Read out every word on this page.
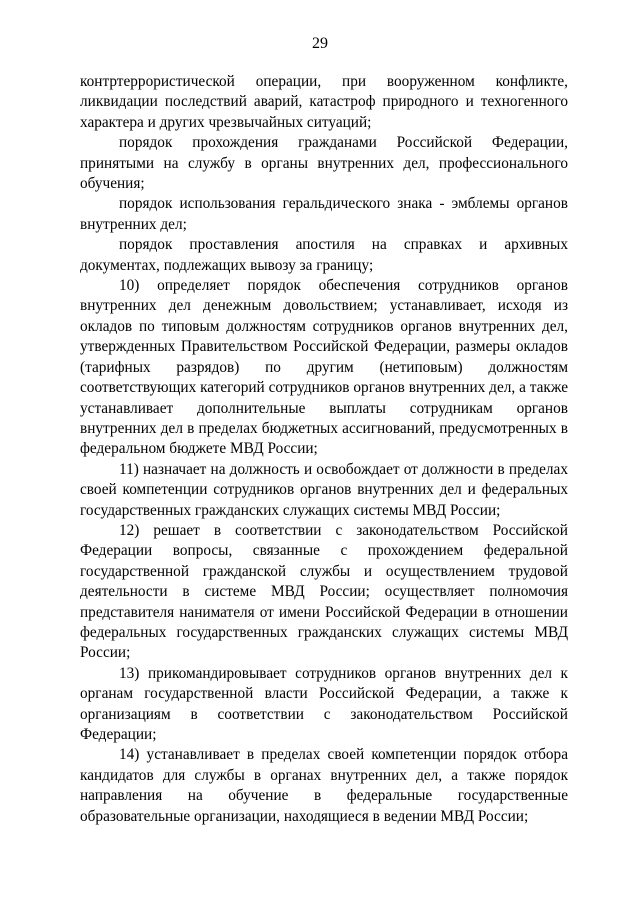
29

контртеррористической операции, при вооруженном конфликте, ликвидации последствий аварий, катастроф природного и техногенного характера и других чрезвычайных ситуаций;

порядок прохождения гражданами Российской Федерации, принятыми на службу в органы внутренних дел, профессионального обучения;

порядок использования геральдического знака - эмблемы органов внутренних дел;

порядок проставления апостиля на справках и архивных документах, подлежащих вывозу за границу;

10) определяет порядок обеспечения сотрудников органов внутренних дел денежным довольствием; устанавливает, исходя из окладов по типовым должностям сотрудников органов внутренних дел, утвержденных Правительством Российской Федерации, размеры окладов (тарифных разрядов) по другим (нетиповым) должностям соответствующих категорий сотрудников органов внутренних дел, а также устанавливает дополнительные выплаты сотрудникам органов внутренних дел в пределах бюджетных ассигнований, предусмотренных в федеральном бюджете МВД России;

11) назначает на должность и освобождает от должности в пределах своей компетенции сотрудников органов внутренних дел и федеральных государственных гражданских служащих системы МВД России;

12) решает в соответствии с законодательством Российской Федерации вопросы, связанные с прохождением федеральной государственной гражданской службы и осуществлением трудовой деятельности в системе МВД России; осуществляет полномочия представителя нанимателя от имени Российской Федерации в отношении федеральных государственных гражданских служащих системы МВД России;

13) прикомандировывает сотрудников органов внутренних дел к органам государственной власти Российской Федерации, а также к организациям в соответствии с законодательством Российской Федерации;

14) устанавливает в пределах своей компетенции порядок отбора кандидатов для службы в органах внутренних дел, а также порядок направления на обучение в федеральные государственные образовательные организации, находящиеся в ведении МВД России;
